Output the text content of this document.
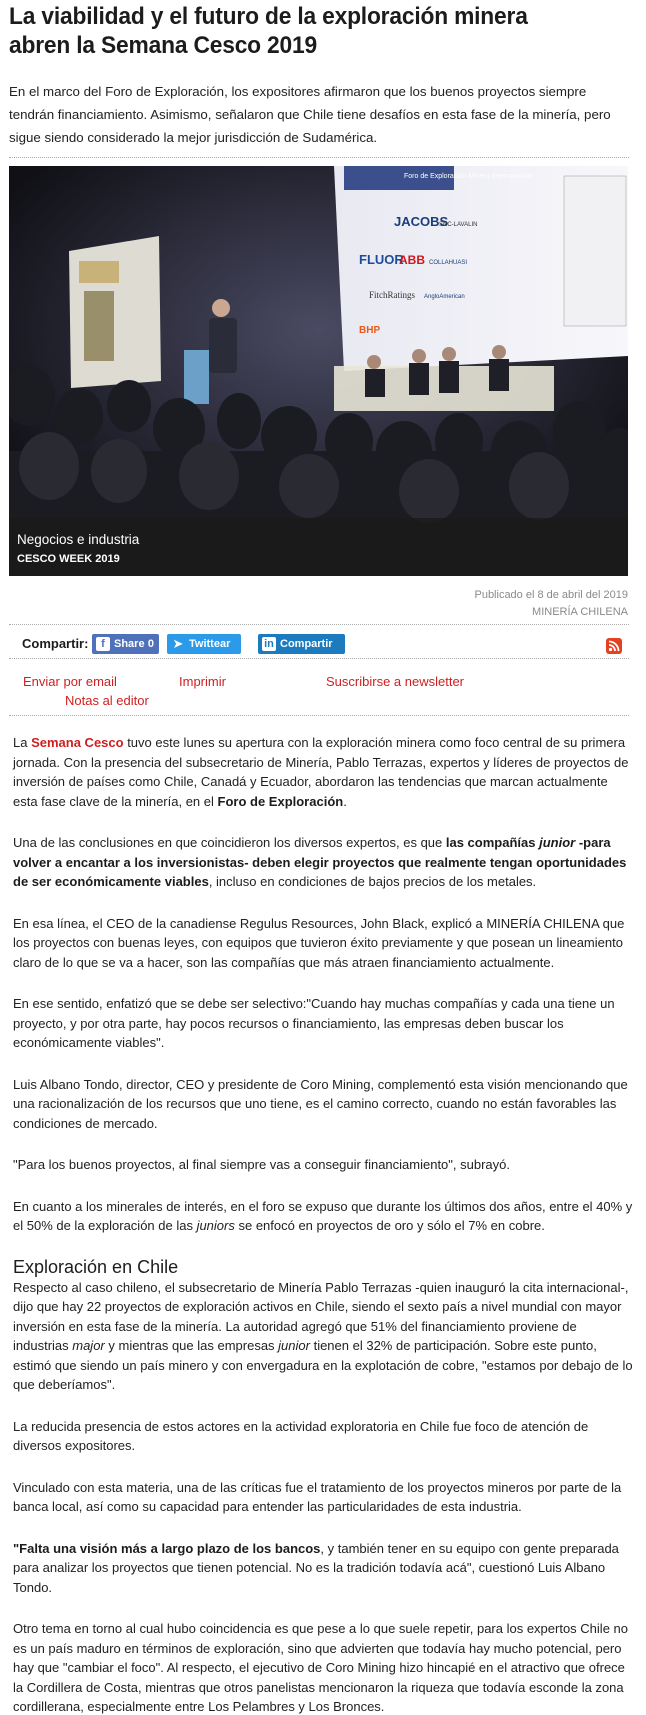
La viabilidad y el futuro de la exploración minera abren la Semana Cesco 2019

En el marco del Foro de Exploración, los expositores afirmaron que los buenos proyectos siempre tendrán financiamiento. Asimismo, señalaron que Chile tiene desafíos en esta fase de la minería, pero sigue siendo considerado la mejor jurisdicción de Sudamérica.

Foro de Exploración Minera Internacional
JACOBS
SNC-LAVALIN
FLUOR
ABB COLLAHUASI
FitchRatings AngloAmerican
BHP
Negocios e industria
CESCO WEEK 2019
Publicado el 8 de abril del 2019
MINERÍA CHILENA
Compartir:	f Share 0 ➤ Twittear	in Compartir
Enviar por email	Imprimir	Suscribirse a newsletter
Notas al editor

La Semana Cesco tuvo este lunes su apertura con la exploración minera como foco central de su primera jornada. Con la presencia del subsecretario de Minería, Pablo Terrazas, expertos y líderes de proyectos de inversión de países como Chile, Canadá y Ecuador, abordaron las tendencias que marcan actualmente esta fase clave de la minería, en el Foro de Exploración.

Una de las conclusiones en que coincidieron los diversos expertos, es que las compañías junior -para volver a encantar a los inversionistas- deben elegir proyectos que realmente tengan oportunidades de ser económicamente viables, incluso en condiciones de bajos precios de los metales.

En esa línea, el CEO de la canadiense Regulus Resources, John Black, explicó a MINERÍA CHILENA que los proyectos con buenas leyes, con equipos que tuvieron éxito previamente y que posean un lineamiento claro de lo que se va a hacer, son las compañías que más atraen financiamiento actualmente.

En ese sentido, enfatizó que se debe ser selectivo:"Cuando hay muchas compañías y cada una tiene un proyecto, y por otra parte, hay pocos recursos o financiamiento, las empresas deben buscar los económicamente viables".

Luis Albano Tondo, director, CEO y presidente de Coro Mining, complementó esta visión mencionando que una racionalización de los recursos que uno tiene, es el camino correcto, cuando no están favorables las condiciones de mercado.

"Para los buenos proyectos, al final siempre vas a conseguir financiamiento", subrayó.

En cuanto a los minerales de interés, en el foro se expuso que durante los últimos dos años, entre el 40% y el 50% de la exploración de las juniors se enfocó en proyectos de oro y sólo el 7% en cobre.

Exploración en Chile

Respecto al caso chileno, el subsecretario de Minería Pablo Terrazas -quien inauguró la cita internacional-, dijo que hay 22 proyectos de exploración activos en Chile, siendo el sexto país a nivel mundial con mayor inversión en esta fase de la minería. La autoridad agregó que 51% del financiamiento proviene de industrias major y mientras que las empresas junior tienen el 32% de participación. Sobre este punto, estimó que siendo un país minero y con envergadura en la explotación de cobre, "estamos por debajo de lo que deberíamos".

La reducida presencia de estos actores en la actividad exploratoria en Chile fue foco de atención de diversos expositores.

Vinculado con esta materia, una de las críticas fue el tratamiento de los proyectos mineros por parte de la banca local, así como su capacidad para entender las particularidades de esta industria.

"Falta una visión más a largo plazo de los bancos, y también tener en su equipo con gente preparada para analizar los proyectos que tienen potencial. No es la tradición todavía acá", cuestionó Luis Albano Tondo.

Otro tema en torno al cual hubo coincidencia es que pese a lo que suele repetir, para los expertos Chile no es un país maduro en términos de exploración, sino que advierten que todavía hay mucho potencial, pero hay que "cambiar el foco". Al respecto, el ejecutivo de Coro Mining hizo hincapié en el atractivo que ofrece la Cordillera de Costa, mientras que otros panelistas mencionaron la riqueza que todavía esconde la zona cordillerana, especialmente entre Los Pelambres y Los Bronces.
